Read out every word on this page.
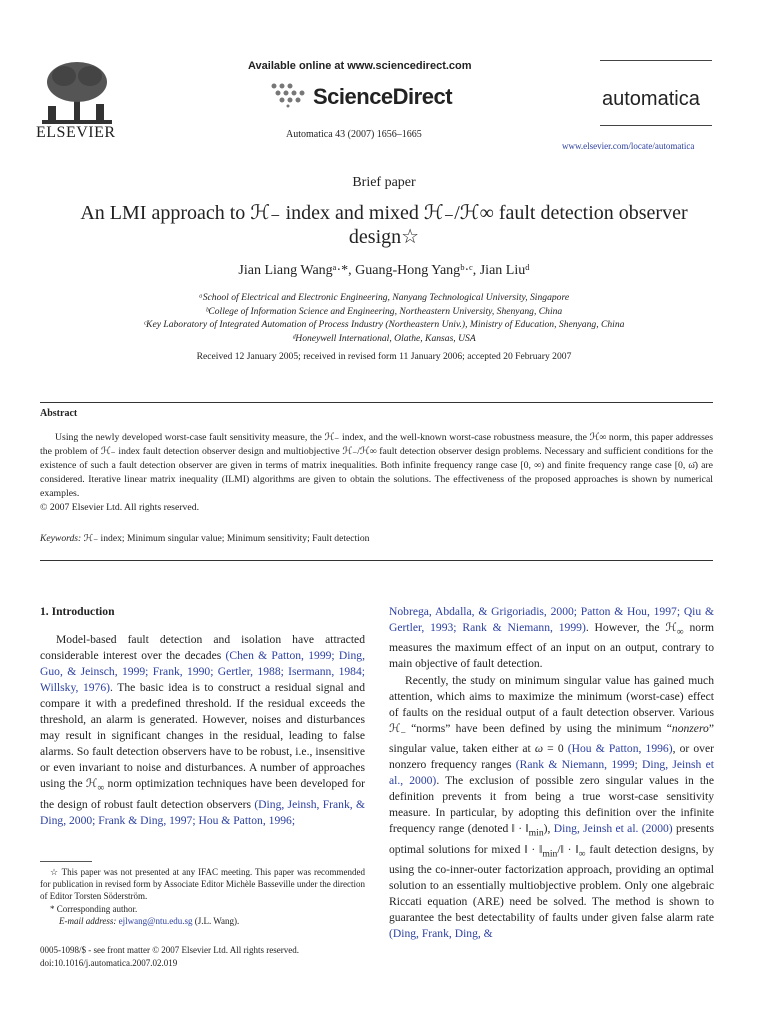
ELSEVIER
Available online at www.sciencedirect.com
ScienceDirect
Automatica 43 (2007) 1656–1665
automatica
www.elsevier.com/locate/automatica
Brief paper
An LMI approach to ℋ₋ index and mixed ℋ₋/ℋ∞ fault detection observer
design☆
Jian Liang Wangᵃ·*, Guang-Hong Yangᵇ·ᶜ, Jian Liuᵈ
ᵃSchool of Electrical and Electronic Engineering, Nanyang Technological University, Singapore
ᵇCollege of Information Science and Engineering, Northeastern University, Shenyang, China
ᶜKey Laboratory of Integrated Automation of Process Industry (Northeastern Univ.), Ministry of Education, Shenyang, China
ᵈHoneywell International, Olathe, Kansas, USA
Received 12 January 2005; received in revised form 11 January 2006; accepted 20 February 2007
Abstract
Using the newly developed worst-case fault sensitivity measure, the ℋ₋ index, and the well-known worst-case robustness measure, the ℋ∞ norm, this paper addresses the problem of ℋ₋ index fault detection observer design and multiobjective ℋ₋/ℋ∞ fault detection observer design problems. Necessary and sufficient conditions for the existence of such a fault detection observer are given in terms of matrix inequalities. Both infinite frequency range case [0, ∞) and finite frequency range case [0, ω̄) are considered. Iterative linear matrix inequality (ILMI) algorithms are given to obtain the solutions. The effectiveness of the proposed approaches is shown by numerical examples.
© 2007 Elsevier Ltd. All rights reserved.
Keywords: ℋ₋ index; Minimum singular value; Minimum sensitivity; Fault detection
1. Introduction

Model-based fault detection and isolation have attracted considerable interest over the decades (Chen & Patton, 1999; Ding, Guo, & Jeinsch, 1999; Frank, 1990; Gertler, 1988; Isermann, 1984; Willsky, 1976). The basic idea is to construct a residual signal and compare it with a predefined threshold. If the residual exceeds the threshold, an alarm is generated. However, noises and disturbances may result in significant changes in the residual, leading to false alarms. So fault detection observers have to be robust, i.e., insensitive or even invariant to noise and disturbances. A number of approaches using the ℋ$_\infty$ norm optimization techniques have been developed for the design of robust fault detection observers (Ding, Jeinsh, Frank, & Ding, 2000; Frank & Ding, 1997; Hou & Patton, 1996;

☆ This paper was not presented at any IFAC meeting. This paper was recommended for publication in revised form by Associate Editor Michèle Basseville under the direction of Editor Torsten Söderström.
* Corresponding author.
E-mail address: ejlwang@ntu.edu.sg (J.L. Wang).
0005-1098/$ - see front matter © 2007 Elsevier Ltd. All rights reserved.
doi:10.1016/j.automatica.2007.02.019

Nobrega, Abdalla, & Grigoriadis, 2000; Patton & Hou, 1997; Qiu & Gertler, 1993; Rank & Niemann, 1999). However, the ℋ$_\infty$ norm measures the maximum effect of an input on an output, contrary to main objective of fault detection.

Recently, the study on minimum singular value has gained much attention, which aims to maximize the minimum (worst-case) effect of faults on the residual output of a fault detection observer. Various ℋ$_-$ “norms” have been defined by using the minimum “nonzero” singular value, taken either at ω = 0 (Hou & Patton, 1996), or over nonzero frequency ranges (Rank & Niemann, 1999; Ding, Jeinsh et al., 2000). The exclusion of possible zero singular values in the definition prevents it from being a true worst-case sensitivity measure. In particular, by adopting this definition over the infinite frequency range (denoted ‖ · $‖_{min}$), Ding, Jeinsh et al. (2000) presents optimal solutions for mixed ‖ · $‖_{min}/‖$ · $‖_\infty$ fault detection designs, by using the co-inner-outer factorization approach, providing an optimal solution to an essentially multiobjective problem. Only one algebraic Riccati equation (ARE) need be solved. The method is shown to guarantee the best detectability of faults under given false alarm rate (Ding, Frank, Ding, &
